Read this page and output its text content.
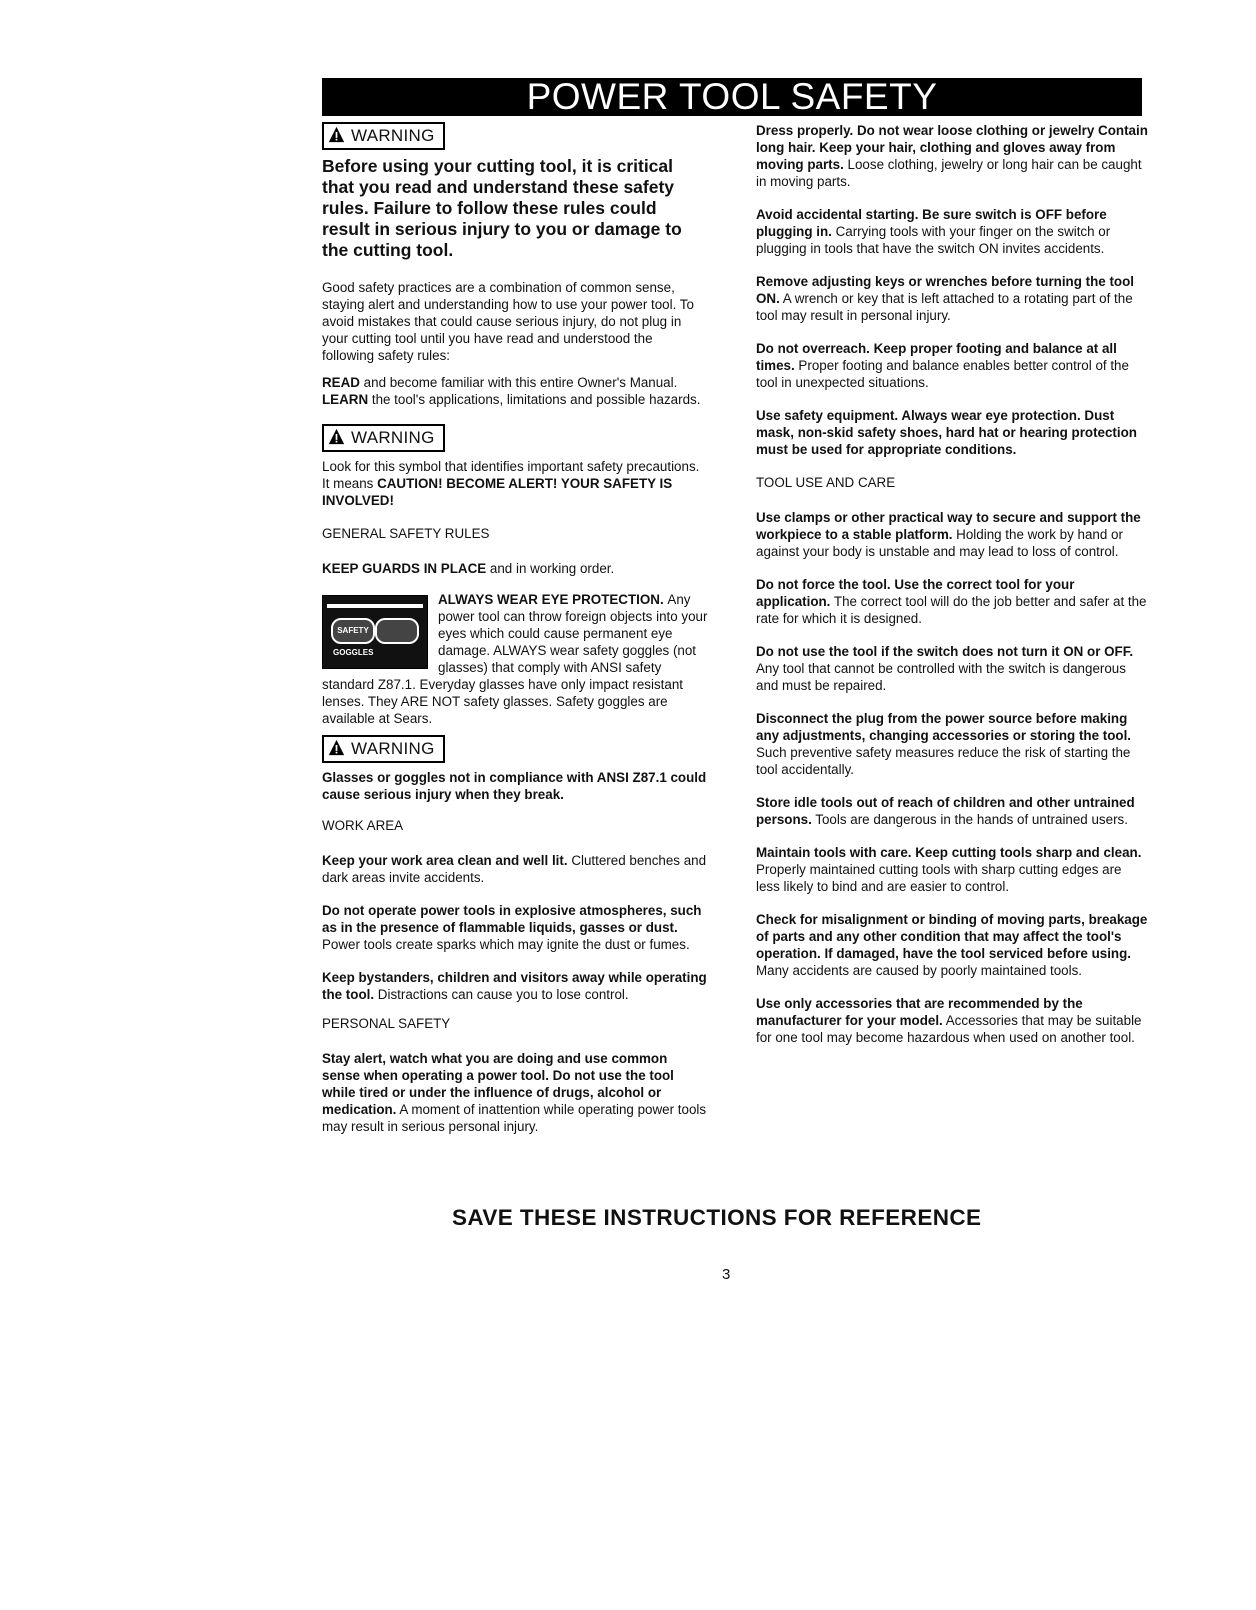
POWER TOOL SAFETY
WARNING

Before using your cutting tool, it is critical that you read and understand these safety rules. Failure to follow these rules could result in serious injury to you or damage to the cutting tool.

Good safety practices are a combination of common sense, staying alert and understanding how to use your power tool. To avoid mistakes that could cause serious injury, do not plug in your cutting tool until you have read and understood the following safety rules:

READ and become familiar with this entire Owner's Manual. LEARN the tool's applications, limitations and possible hazards.

WARNING

Look for this symbol that identifies important safety precautions. It means CAUTION! BECOME ALERT! YOUR SAFETY IS INVOLVED!

GENERAL SAFETY RULES

KEEP GUARDS IN PLACE and in working order.

ALWAYS WEAR EYE PROTECTION.
SAFETY GOGGLES
Any power tool can throw foreign objects into your eyes which could cause permanent eye damage. ALWAYS wear safety goggles (not glasses) that comply with ANSI safety standard Z87.1. Everyday glasses have only impact resistant lenses. They ARE NOT safety glasses. Safety goggles are available at Sears.

WARNING

Glasses or goggles not in compliance with ANSI Z87.1 could cause serious injury when they break.

WORK AREA

Keep your work area clean and well lit. Cluttered benches and dark areas invite accidents.

Do not operate power tools in explosive atmospheres, such as in the presence of flammable liquids, gasses or dust. Power tools create sparks which may ignite the dust or fumes.

Keep bystanders, children and visitors away while operating the tool. Distractions can cause you to lose control.

PERSONAL SAFETY

Stay alert, watch what you are doing and use common sense when operating a power tool. Do not use the tool while tired or under the influence of drugs, alcohol or medication. A moment of inattention while operating power tools may result in serious personal injury.

Dress properly. Do not wear loose clothing or jewelry Contain long hair. Keep your hair, clothing and gloves away from moving parts. Loose clothing, jewelry or long hair can be caught in moving parts.

Avoid accidental starting. Be sure switch is OFF before plugging in. Carrying tools with your finger on the switch or plugging in tools that have the switch ON invites accidents.

Remove adjusting keys or wrenches before turning the tool ON. A wrench or key that is left attached to a rotating part of the tool may result in personal injury.

Do not overreach. Keep proper footing and balance at all times. Proper footing and balance enables better control of the tool in unexpected situations.

Use safety equipment. Always wear eye protection. Dust mask, non-skid safety shoes, hard hat or hearing protection must be used for appropriate conditions.

TOOL USE AND CARE

Use clamps or other practical way to secure and support the workpiece to a stable platform. Holding the work by hand or against your body is unstable and may lead to loss of control.

Do not force the tool. Use the correct tool for your application. The correct tool will do the job better and safer at the rate for which it is designed.

Do not use the tool if the switch does not turn it ON or OFF. Any tool that cannot be controlled with the switch is dangerous and must be repaired.

Disconnect the plug from the power source before making any adjustments, changing accessories or storing the tool. Such preventive safety measures reduce the risk of starting the tool accidentally.

Store idle tools out of reach of children and other untrained persons. Tools are dangerous in the hands of untrained users.

Maintain tools with care. Keep cutting tools sharp and clean. Properly maintained cutting tools with sharp cutting edges are less likely to bind and are easier to control.

Check for misalignment or binding of moving parts, breakage of parts and any other condition that may affect the tool's operation. If damaged, have the tool serviced before using. Many accidents are caused by poorly maintained tools.

Use only accessories that are recommended by the manufacturer for your model. Accessories that may be suitable for one tool may become hazardous when used on another tool.

SAVE THESE INSTRUCTIONS FOR REFERENCE
3
